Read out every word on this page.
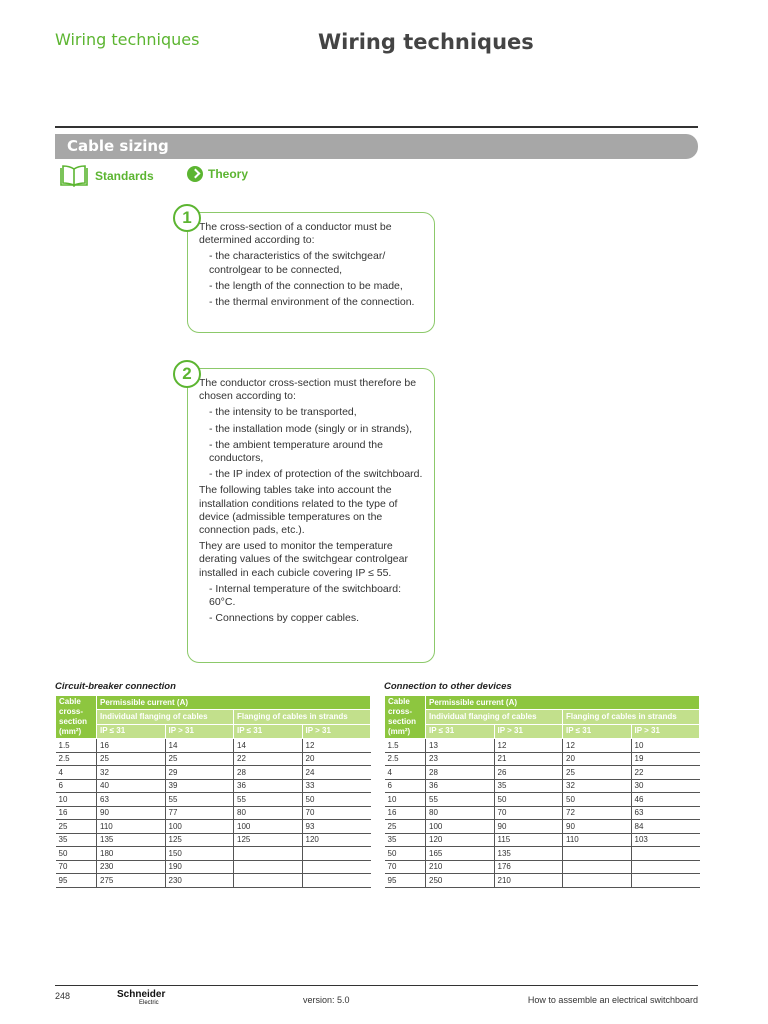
Wiring techniques	Wiring techniques
Cable sizing
Standards	Theory
1 The cross-section of a conductor must be determined according to:

- the characteristics of the switchgear/ controlgear to be connected,

- the length of the connection to be made,

- the thermal environment of the connection.

2 The conductor cross-section must therefore be chosen according to:

- the intensity to be transported,

- the installation mode (singly or in strands),

- the ambient temperature around the conductors,

- the IP index of protection of the switchboard.

The following tables take into account the installation conditions related to the type of device (admissible temperatures on the connection pads, etc.).

They are used to monitor the temperature derating values of the switchgear controlgear installed in each cubicle covering IP ≤ 55.

- Internal temperature of the switchboard: 60°C.

- Connections by copper cables.

Circuit-breaker connection
Cable cross-section (mm²)	Permissible current (A)			
	Individual flanging of cables		Flanging of cables in strands	
	IP ≤ 31	IP > 31	IP ≤ 31	IP > 31
1.5	16	14	14	12
2.5	25	25	22	20
4	32	29	28	24
6	40	39	36	33
10	63	55	55	50
16	90	77	80	70
25	110	100	100	93
35	135	125	125	120
50	180	150		
70	230	190		
95	275	230		
Connection to other devices
Cable cross-section (mm²)	Permissible current (A)			
	Individual flanging of cables		Flanging of cables in strands	
	IP ≤ 31	IP > 31	IP ≤ 31	IP > 31
1.5	13	12	12	10
2.5	23	21	20	19
4	28	26	25	22
6	36	35	32	30
10	55	50	50	46
16	80	70	72	63
25	100	90	90	84
35	120	115	110	103
50	165	135		
70	210	176		
95	250	210		
248	Schneider
Electric	version: 5.0	How to assemble an electrical switchboard
